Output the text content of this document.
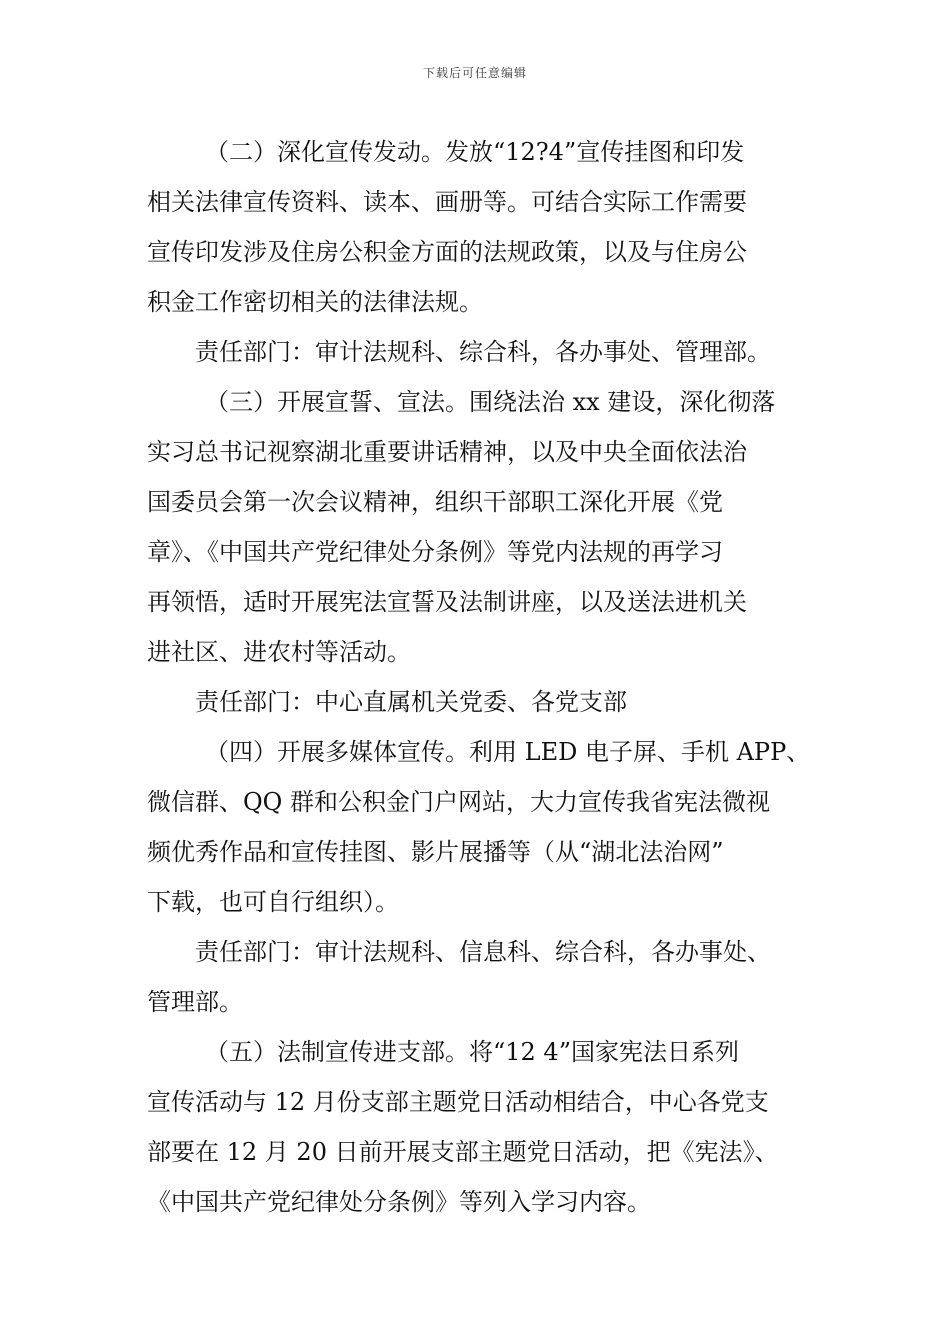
下载后可任意编辑
（二）深化宣传发动。发放“12?4”宣传挂图和印发
相关法律宣传资料、读本、画册等。可结合实际工作需要
宣传印发涉及住房公积金方面的法规政策，以及与住房公
积金工作密切相关的法律法规。
责任部门：审计法规科、综合科，各办事处、管理部。
（三）开展宣誓、宣法。围绕法治 xx 建设，深化彻落
实习总书记视察湖北重要讲话精神，以及中央全面依法治
国委员会第一次会议精神，组织干部职工深化开展《党
章》、《中国共产党纪律处分条例》等党内法规的再学习
再领悟，适时开展宪法宣誓及法制讲座，以及送法进机关
进社区、进农村等活动。
责任部门：中心直属机关党委、各党支部
（四）开展多媒体宣传。利用 LED 电子屏、手机 APP、
微信群、QQ 群和公积金门户网站，大力宣传我省宪法微视
频优秀作品和宣传挂图、影片展播等（从“湖北法治网”
下载，也可自行组织）。
责任部门：审计法规科、信息科、综合科，各办事处、
管理部。
（五）法制宣传进支部。将“12 4”国家宪法日系列
宣传活动与 12 月份支部主题党日活动相结合，中心各党支
部要在 12 月 20 日前开展支部主题党日活动，把《宪法》、
《中国共产党纪律处分条例》等列入学习内容。
